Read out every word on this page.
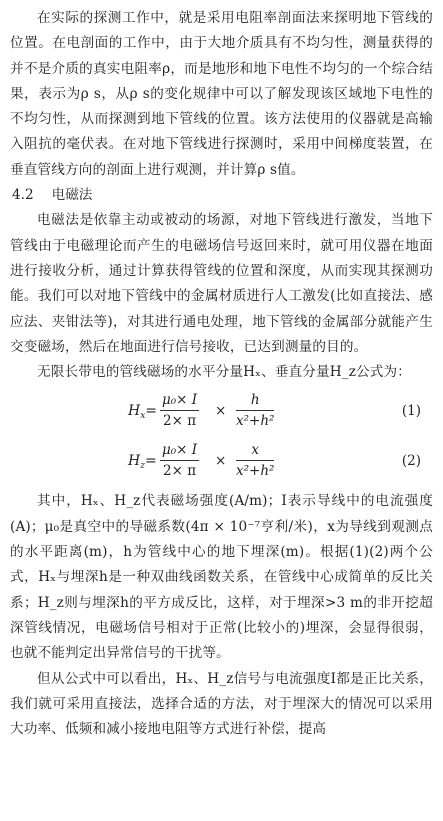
在实际的探测工作中，就是采用电阻率剖面法来探明地下管线的位置。在电剖面的工作中，由于大地介质具有不均匀性，测量获得的并不是介质的真实电阻率ρ，而是地形和地下电性不均匀的一个综合结果，表示为ρ s，从ρ s的变化规律中可以了解发现该区域地下电性的不均匀性，从而探测到地下管线的位置。该方法使用的仪器就是高输入阻抗的毫伏表。在对地下管线进行探测时，采用中间梯度装置，在垂直管线方向的剖面上进行观测，并计算ρ s值。

4.2 电磁法

电磁法是依靠主动或被动的场源，对地下管线进行激发，当地下管线由于电磁理论而产生的电磁场信号返回来时，就可用仪器在地面进行接收分析，通过计算获得管线的位置和深度，从而实现其探测功能。我们可以对地下管线中的金属材质进行人工激发(比如直接法、感应法、夹钳法等)，对其进行通电处理，地下管线的金属部分就能产生交变磁场，然后在地面进行信号接收，已达到测量的目的。

无限长带电的管线磁场的水平分量Hₓ、垂直分量H_z公式为：

$H_x= \frac{\text{μ₀× I}}{2\times \pi} \times \frac{h}{\text{x²+h²}}$	(1)
$H_z= \frac{\text{μ₀× I}}{2\times \pi} \times \frac{x}{\text{x²+h²}}$	(2)

其中，Hₓ、H_z代表磁场强度(A/m)；I表示导线中的电流强度(A)；μ₀是真空中的导磁系数(4π × 10⁻⁷亨利/米)，x为导线到观测点的水平距离(m)，h为管线中心的地下埋深(m)。根据(1)(2)两个公式，Hₓ与埋深h是一种双曲线函数关系，在管线中心成简单的反比关系；H_z则与埋深h的平方成反比，这样，对于埋深>3 m的非开挖超深管线情况，电磁场信号相对于正常(比较小的)埋深，会显得很弱，也就不能判定出异常信号的干扰等。

但从公式中可以看出，Hₓ、H_z信号与电流强度I都是正比关系，我们就可采用直接法，选择合适的方法，对于埋深大的情况可以采用大功率、低频和减小接地电阻等方式进行补偿，提高
